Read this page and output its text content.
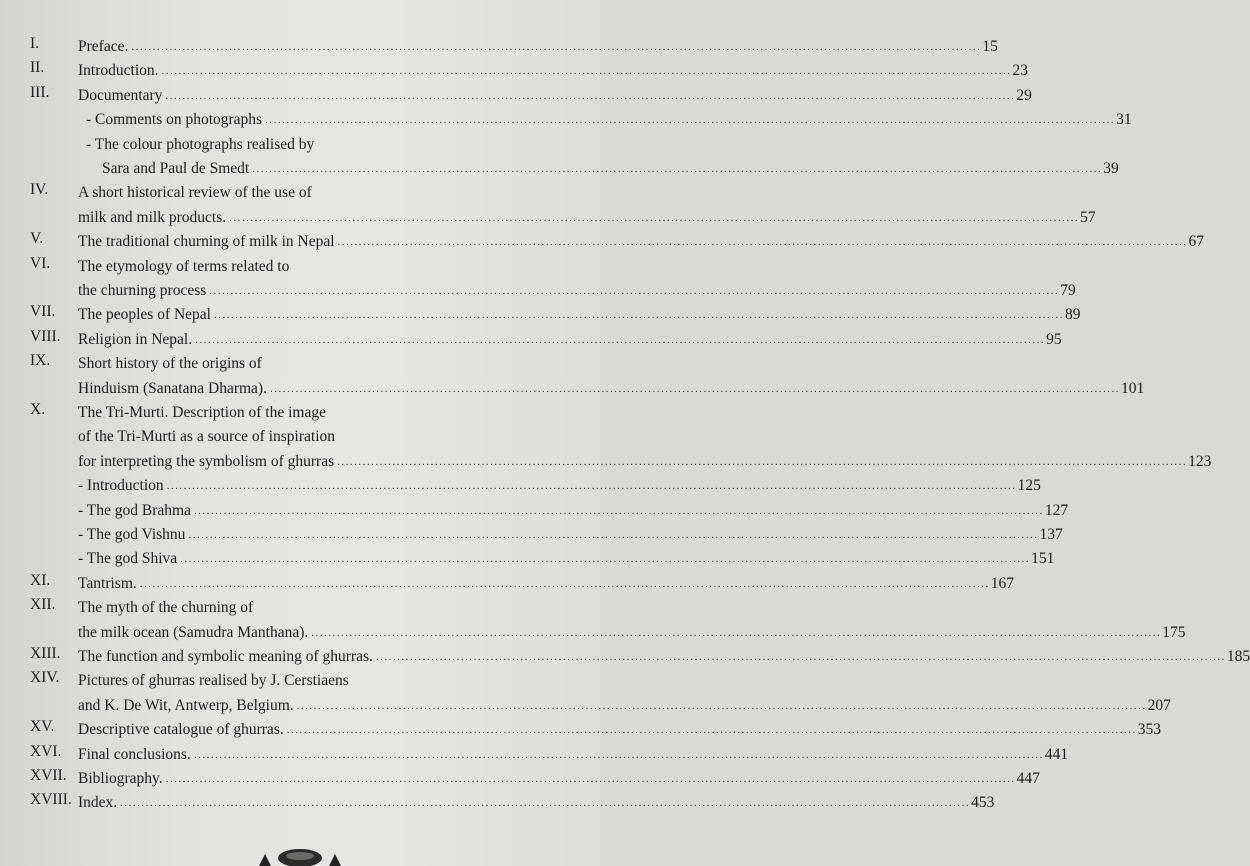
I.	Preface. ........................................................................................................................................................................................................ 15
II. Introduction. ........................................................................................................................................................................................................ 23
III. Documentary ........................................................................................................................................................................................................ 29
- Comments on photographs ........................................................................................................................................................................................................ 31
- The colour photographs realised by
Sara and Paul de Smedt ........................................................................................................................................................................................................ 39
IV. A short historical review of the use of
milk and milk products. ........................................................................................................................................................................................................ 57
V. The traditional churning of milk in Nepal ........................................................................................................................................................................................................ 67
VI. The etymology of terms related to
the churning process ........................................................................................................................................................................................................ 79
VII. The peoples of Nepal ........................................................................................................................................................................................................ 89
VIII. Religion in Nepal. ........................................................................................................................................................................................................ 95
IX. Short history of the origins of
Hinduism (Sanatana Dharma). ........................................................................................................................................................................................................ 101
X. The Tri-Murti. Description of the image
of the Tri-Murti as a source of inspiration
for interpreting the symbolism of ghurras ........................................................................................................................................................................................................ 123
- Introduction ........................................................................................................................................................................................................ 125
- The god Brahma ........................................................................................................................................................................................................ 127
- The god Vishnu ........................................................................................................................................................................................................ 137
- The god Shiva ........................................................................................................................................................................................................ 151
XI. Tantrism. ........................................................................................................................................................................................................ 167
XII. The myth of the churning of
the milk ocean (Samudra Manthana). ........................................................................................................................................................................................................ 175
XIII. The function and symbolic meaning of ghurras. ........................................................................................................................................................................................................ 185
XIV. Pictures of ghurras realised by J. Cerstiaens
and K. De Wit, Antwerp, Belgium. ........................................................................................................................................................................................................ 207
XV. Descriptive catalogue of ghurras. ........................................................................................................................................................................................................ 353
XVI. Final conclusions. ........................................................................................................................................................................................................ 441
XVII. Bibliography. ........................................................................................................................................................................................................ 447
XVIII. Index. ........................................................................................................................................................................................................ 453
